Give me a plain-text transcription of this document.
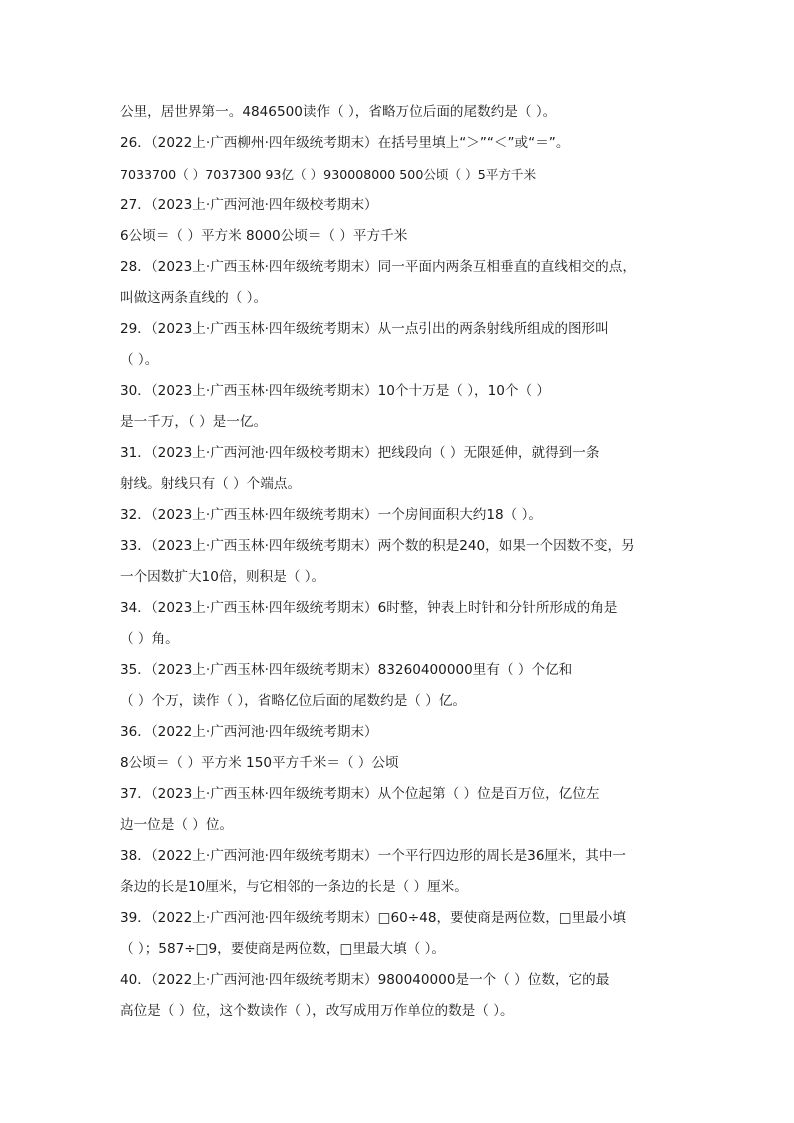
公里，居世界第一。4846500读作（ ），省略万位后面的尾数约是（ ）。
26．（2022上·广西柳州·四年级统考期末）在括号里填上“＞”“＜”或“＝”。
7033700（ ）7037300 93亿（ ）930008000 500公顷（ ）5平方千米
27．（2023上·广西河池·四年级校考期末）
6公顷＝（ ）平方米 8000公顷＝（ ）平方千米
28．（2023上·广西玉林·四年级统考期末）同一平面内两条互相垂直的直线相交的点，
叫做这两条直线的（ ）。
29．（2023上·广西玉林·四年级统考期末）从一点引出的两条射线所组成的图形叫
（ ）。
30．（2023上·广西玉林·四年级统考期末）10个十万是（ ），10个（ ）
是一千万，（ ）是一亿。
31．（2023上·广西河池·四年级校考期末）把线段向（ ）无限延伸，就得到一条
射线。射线只有（ ）个端点。
32．（2023上·广西玉林·四年级统考期末）一个房间面积大约18（ ）。
33．（2023上·广西玉林·四年级统考期末）两个数的积是240，如果一个因数不变，另
一个因数扩大10倍，则积是（ ）。
34．（2023上·广西玉林·四年级统考期末）6时整，钟表上时针和分针所形成的角是
（ ）角。
35．（2023上·广西玉林·四年级统考期末）83260400000里有（ ）个亿和
（ ）个万，读作（ ），省略亿位后面的尾数约是（ ）亿。
36．（2022上·广西河池·四年级统考期末）
8公顷＝（ ）平方米 150平方千米＝（ ）公顷
37．（2023上·广西玉林·四年级统考期末）从个位起第（ ）位是百万位，亿位左
边一位是（ ）位。
38．（2022上·广西河池·四年级统考期末）一个平行四边形的周长是36厘米，其中一
条边的长是10厘米，与它相邻的一条边的长是（ ）厘米。
39．（2022上·广西河池·四年级统考期末）□60÷48，要使商是两位数，□里最小填
（ ）；587÷□9，要使商是两位数，□里最大填（ ）。
40．（2022上·广西河池·四年级统考期末）980040000是一个（ ）位数，它的最
高位是（ ）位，这个数读作（ ），改写成用万作单位的数是（ ）。
